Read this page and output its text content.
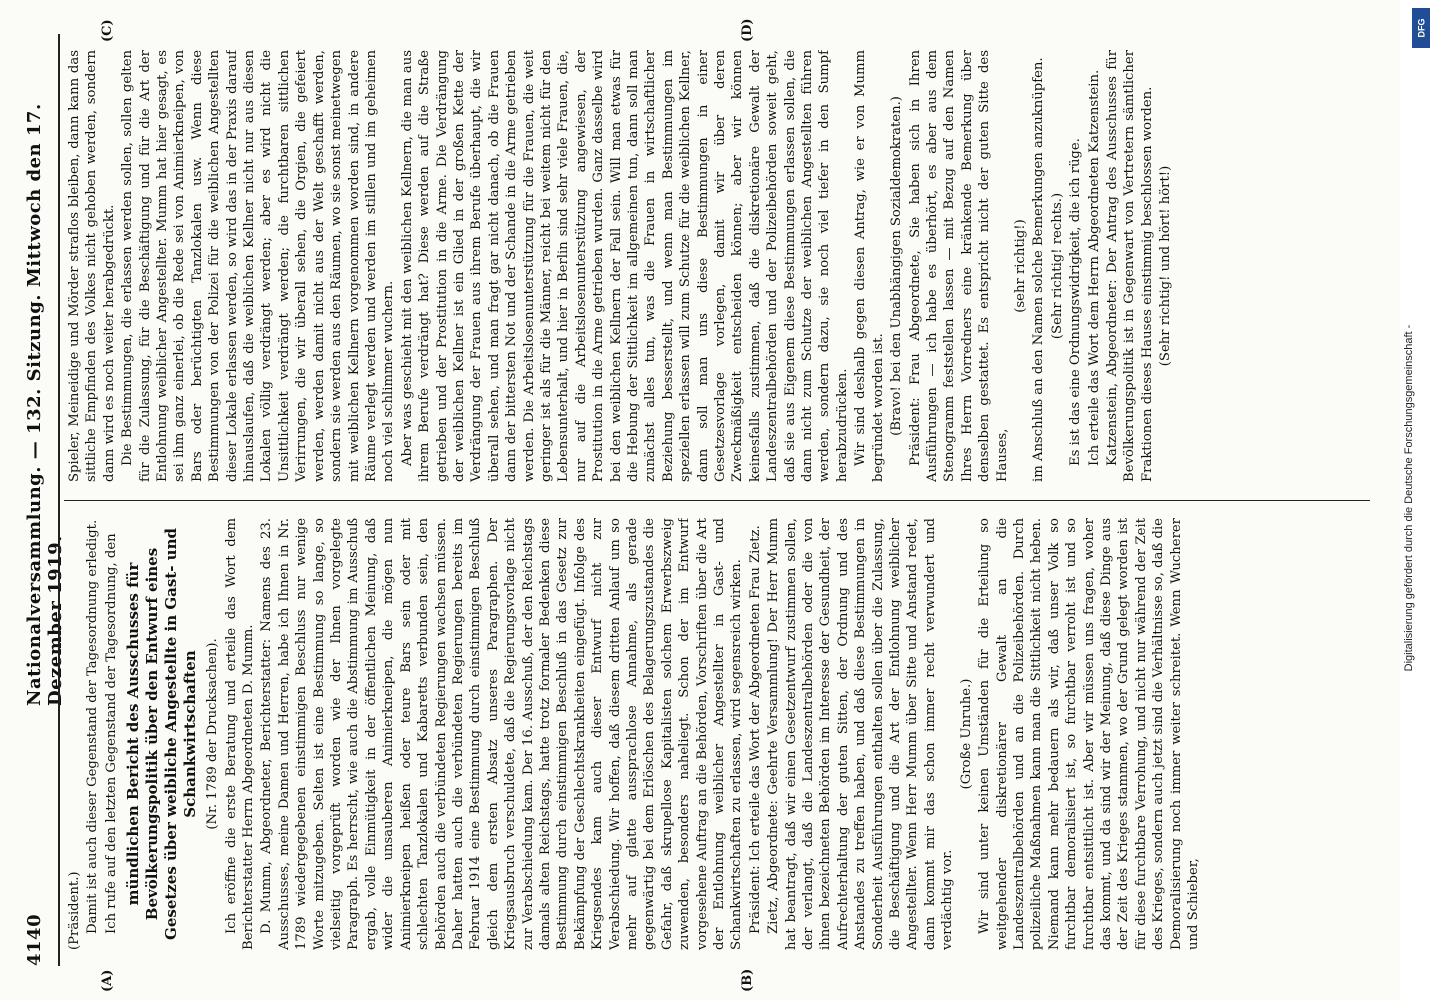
4140
Nationalversammlung. — 132. Sitzung. Mittwoch den 17. Dezember 1919.
(A)	(B)
(C)	(D)

(Präsident.) Damit ist auch dieser Gegenstand der Tagesordnung erledigt. Ich rufe auf den letzten Gegenstand der Tagesordnung, den mündlichen Bericht des Ausschusses für Bevölkerungspolitik über den Entwurf eines Gesetzes über weibliche Angestellte in Gast- und Schankwirtschaften (Nr. 1789 der Drucksachen). Ich eröffne die erste Beratung und erteile das Wort dem Berichterstatter Herrn Abgeordneten D. Mumm. D. Mumm, Abgeordneter, Berichterstatter: Namens des 23. Ausschusses, meine Damen und Herren, habe ich Ihnen in Nr. 1789 wiedergegebenen einstimmigen Beschluss nur wenige Worte mitzugeben. Selten ist eine Bestimmung so lange, so vielseitig vorgeprüft worden wie der Ihnen vorgelegte Paragraph. Es herrscht, wie auch die Abstimmung im Ausschuß ergab, volle Einmütigkeit in der öffentlichen Meinung, daß wider die unsauberen Animierkneipen, die mögen nun Animierkneipen heißen oder teure Bars sein oder mit schlechten Tanzlokalen und Kabaretts verbunden sein, den Behörden auch die verbündeten Regierungen wachsen müssen. Daher hatten auch die verbündeten Regierungen bereits im Februar 1914 eine Bestimmung durch einstimmigen Beschluß gleich dem ersten Absatz unseres Paragraphen. Der Kriegsausbruch verschuldete, daß die Regierungsvorlage nicht zur Verabschiedung kam. Der 16. Ausschuß, der den Reichstags damals alten Reichstags, hatte trotz formaler Bedenken diese Bestimmung durch einstimmigen Beschluß in das Gesetz zur Bekämpfung der Geschlechtskrankheiten eingefügt. Infolge des Kriegsendes kam auch dieser Entwurf nicht zur Verabschiedung. Wir hoffen, daß diesem dritten Anlauf um so mehr auf glatte aussprachlose Annahme, als gerade gegenwärtig bei dem Erlöschen des Belagerungszustandes die Gefahr, daß skrupellose Kapitalisten solchem Erwerbszweig zuwenden, besonders naheliegt. Schon der im Entwurf vorgesehene Auftrag an die Behörden, Vorschriften über die Art der Entlohnung weiblicher Angestellter in Gast- und Schankwirtschaften zu erlassen, wird segensreich wirken. Präsident: Ich erteile das Wort der Abgeordneten Frau Zietz. Zietz, Abgeordnete: Geehrte Versammlung! Der Herr Mumm hat beantragt, daß wir einen Gesetzentwurf zustimmen sollen, der verlangt, daß die Landeszentralbehörden oder die von ihnen bezeichneten Behörden im Interesse der Gesundheit, der Aufrechterhaltung der guten Sitten, der Ordnung und des Anstandes zu treffen haben, und daß diese Bestimmungen in Sonderheit Ausführungen enthalten sollen über die Zulassung, die Beschäftigung und die Art der Entlohnung weiblicher Angestellter. Wenn Herr Mumm über Sitte und Anstand redet, dann kommt mir das schon immer recht verwundert und verdächtig vor.

(Große Unruhe.) Wir sind unter keinen Umständen für die Erteilung so weitgehender diskretionärer Gewalt an die Landeszentralbehörden und an die Polizeibehörden. Durch polizeiliche Maßnahmen kann man die Sittlichkeit nicht heben. Niemand kann mehr bedauern als wir, daß unser Volk so furchtbar demoralisiert ist, so furchtbar verroht ist und so furchtbar entsittlicht ist. Aber wir müssen uns fragen, woher das kommt, und da sind wir der Meinung, daß diese Dinge aus der Zeit des Krieges stammen, wo der Grund gelegt worden ist für diese furchtbare Verrohung, und nicht nur während der Zeit des Krieges, sondern auch jetzt sind die Verhältnisse so, daß die Demoralisierung noch immer weiter schreitet. Wenn Wucherer und Schieber,

Spieler, Meineidige und Mörder straflos bleiben, dann kann das sittliche Empfinden des Volkes nicht gehoben werden, sondern dann wird es noch weiter herabgedrückt. Die Bestimmungen, die erlassen werden sollen, sollen gelten für die Zulassung, für die Beschäftigung und für die Art der Entlohnung weiblicher Angestellter. Mumm hat hier gesagt, es sei ihm ganz einerlei, ob die Rede sei von Animierkneipen, von Bars oder berüchtigten Tanzlokalen usw. Wenn diese Bestimmungen von der Polizei für die weiblichen Angestellten dieser Lokale erlassen werden, so wird das in der Praxis darauf hinauslaufen, daß die weiblichen Kellner nicht nur aus diesen Lokalen völlig verdrängt werden; aber es wird nicht die Unsittlichkeit verdrängt werden; die furchtbaren sittlichen Verirrungen, die wir überall sehen, die Orgien, die gefeiert werden, werden damit nicht aus der Welt geschafft werden, sondern sie werden aus den Räumen, wo sie sonst meinetwegen mit weiblichen Kellnern vorgenommen worden sind, in andere Räume verlegt werden und werden im stillen und im geheimen noch viel schlimmer wuchern. Aber was geschieht mit den weiblichen Kellnern, die man aus ihrem Berufe verdrängt hat? Diese werden auf die Straße getrieben und der Prostitution in die Arme. Die Verdrängung der weiblichen Kellner ist ein Glied in der großen Kette der Verdrängung der Frauen aus ihrem Berufe überhaupt, die wir überall sehen, und man fragt gar nicht danach, ob die Frauen dann der bittersten Not und der Schande in die Arme getrieben werden. Die Arbeitslosenunterstützung für die Frauen, die weit geringer ist als für die Männer, reicht bei weitem nicht für den Lebensunterhalt, und hier in Berlin sind sehr viele Frauen, die, nur auf die Arbeitslosenunterstützung angewiesen, der Prostitution in die Arme getrieben wurden. Ganz dasselbe wird bei den weiblichen Kellnern der Fall sein. Will man etwas für die Hebung der Sittlichkeit im allgemeinen tun, dann soll man zunächst alles tun, was die Frauen in wirtschaftlicher Beziehung besserstellt, und wenn man Bestimmungen im speziellen erlassen will zum Schutze für die weiblichen Kellner, dann soll man uns diese Bestimmungen in einer Gesetzesvorlage vorlegen, damit wir über deren Zweckmäßigkeit entscheiden können; aber wir können keinesfalls zustimmen, daß die diskretionäre Gewalt der Landeszentralbehörden und der Polizeibehörden soweit geht, daß sie aus Eigenem diese Bestimmungen erlassen sollen, die dann nicht zum Schutze der weiblichen Angestellten führen werden, sondern dazu, sie noch viel tiefer in den Sumpf herabzudrücken. Wir sind deshalb gegen diesen Antrag, wie er von Mumm begründet worden ist. (Bravo! bei den Unabhängigen Sozialdemokraten.) Präsident: Frau Abgeordnete, Sie haben sich in Ihren Ausführungen — ich habe es überhört, es aber aus dem Stenogramm feststellen lassen — mit Bezug auf den Namen Ihres Herrn Vorredners eine kränkende Bemerkung über denselben gestattet. Es entspricht nicht der guten Sitte des Hauses,

(sehr richtig!) im Anschluß an den Namen solche Bemerkungen anzuknüpfen. (Sehr richtig! rechts.) Es ist das eine Ordnungswidrigkeit, die ich rüge. Ich erteile das Wort dem Herrn Abgeordneten Katzenstein. Katzenstein, Abgeordneter: Der Antrag des Ausschusses für Bevölkerungspolitik ist in Gegenwart von Vertretern sämtlicher Fraktionen dieses Hauses einstimmig beschlossen worden. (Sehr richtig! und hört! hört!)

Digitalisierung gefördert durch die Deutsche Forschungsgemeinschaft -
DFG
